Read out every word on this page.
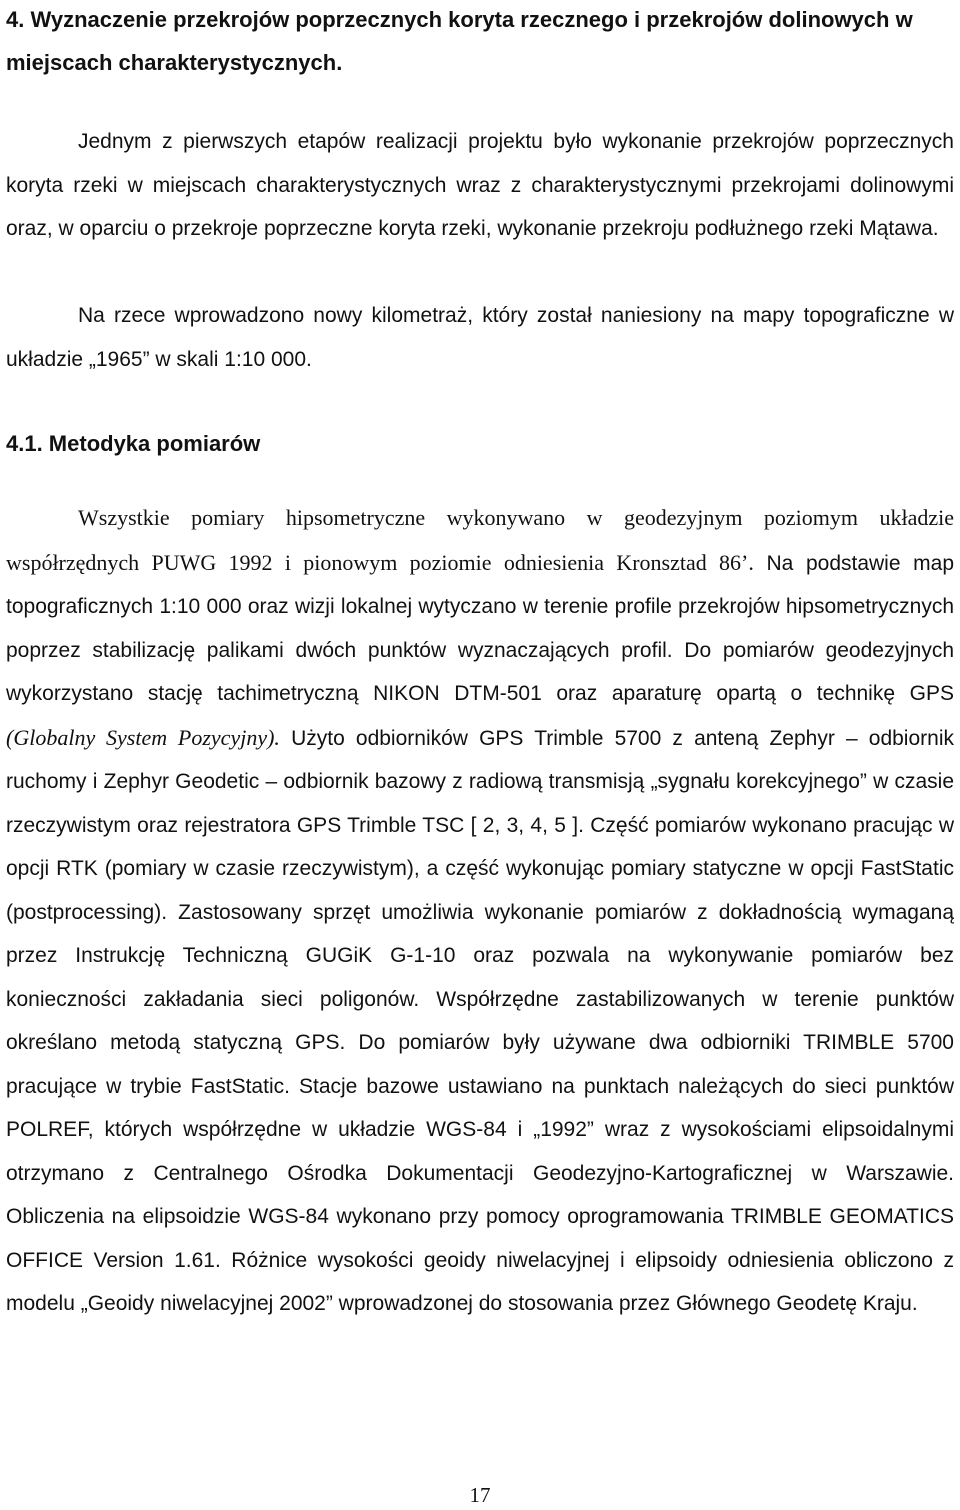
4. Wyznaczenie przekrojów poprzecznych koryta rzecznego i przekrojów dolinowych w miejscach charakterystycznych.

Jednym z pierwszych etapów realizacji projektu było wykonanie przekrojów poprzecznych koryta rzeki w miejscach charakterystycznych wraz z charakterystycznymi przekrojami dolinowymi oraz, w oparciu o przekroje poprzeczne koryta rzeki, wykonanie przekroju podłużnego rzeki Mątawa.

Na rzece wprowadzono nowy kilometraż, który został naniesiony na mapy topograficzne w układzie „1965” w skali 1:10 000.

4.1. Metodyka pomiarów

Wszystkie pomiary hipsometryczne wykonywano w geodezyjnym poziomym układzie współrzędnych PUWG 1992 i pionowym poziomie odniesienia Kronsztad 86’. Na podstawie map topograficznych 1:10 000 oraz wizji lokalnej wytyczano w terenie profile przekrojów hipsometrycznych poprzez stabilizację palikami dwóch punktów wyznaczających profil. Do pomiarów geodezyjnych wykorzystano stację tachimetryczną NIKON DTM-501 oraz aparaturę opartą o technikę GPS (Globalny System Pozycyjny). Użyto odbiorników GPS Trimble 5700 z anteną Zephyr – odbiornik ruchomy i Zephyr Geodetic – odbiornik bazowy z radiową transmisją „sygnału korekcyjnego” w czasie rzeczywistym oraz rejestratora GPS Trimble TSC [ 2, 3, 4, 5 ]. Część pomiarów wykonano pracując w opcji RTK (pomiary w czasie rzeczywistym), a część wykonując pomiary statyczne w opcji FastStatic (postprocessing). Zastosowany sprzęt umożliwia wykonanie pomiarów z dokładnością wymaganą przez Instrukcję Techniczną GUGiK G-1-10 oraz pozwala na wykonywanie pomiarów bez konieczności zakładania sieci poligonów. Współrzędne zastabilizowanych w terenie punktów określano metodą statyczną GPS. Do pomiarów były używane dwa odbiorniki TRIMBLE 5700 pracujące w trybie FastStatic. Stacje bazowe ustawiano na punktach należących do sieci punktów POLREF, których współrzędne w układzie WGS-84 i „1992” wraz z wysokościami elipsoidalnymi otrzymano z Centralnego Ośrodka Dokumentacji Geodezyjno-Kartograficznej w Warszawie. Obliczenia na elipsoidzie WGS-84 wykonano przy pomocy oprogramowania TRIMBLE GEOMATICS OFFICE Version 1.61. Różnice wysokości geoidy niwelacyjnej i elipsoidy odniesienia obliczono z modelu „Geoidy niwelacyjnej 2002” wprowadzonej do stosowania przez Głównego Geodetę Kraju.

17
